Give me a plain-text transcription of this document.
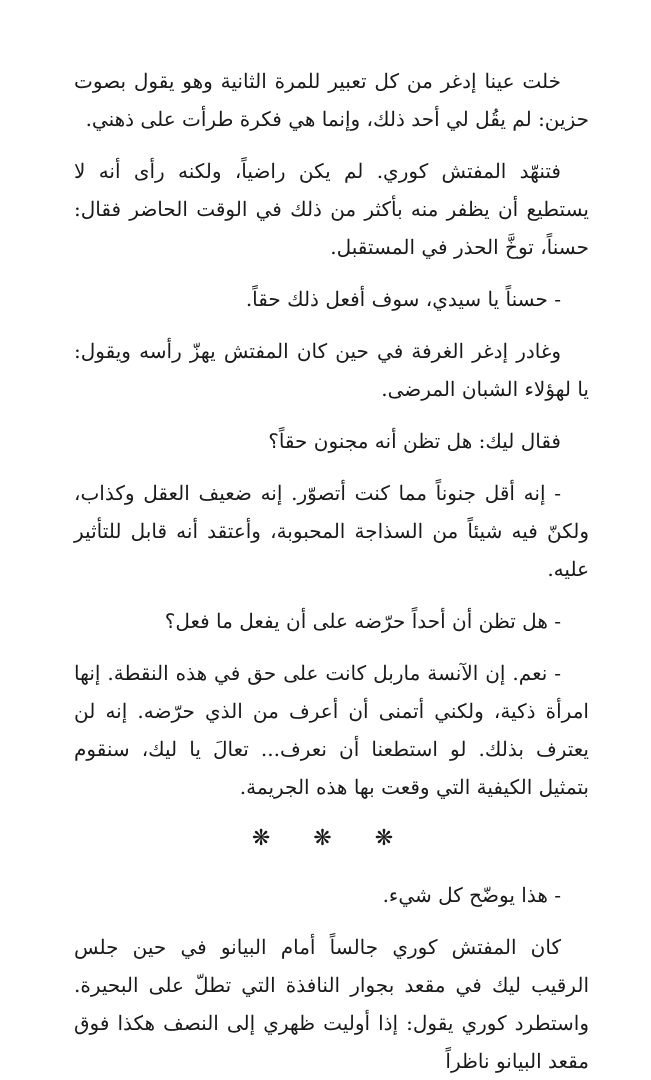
خلت عينا إدغر من كل تعبير للمرة الثانية وهو يقول بصوت حزين: لم يقُل لي أحد ذلك، وإنما هي فكرة طرأت على ذهني.

فتنهّد المفتش كوري. لم يكن راضياً، ولكنه رأى أنه لا يستطيع أن يظفر منه بأكثر من ذلك في الوقت الحاضر فقال: حسناً، توخَّ الحذر في المستقبل.

- حسناً يا سيدي، سوف أفعل ذلك حقاً.

وغادر إدغر الغرفة في حين كان المفتش يهزّ رأسه ويقول: يا لهؤلاء الشبان المرضى.

فقال ليك: هل تظن أنه مجنون حقاً؟

- إنه أقل جنوناً مما كنت أتصوّر. إنه ضعيف العقل وكذاب، ولكنّ فيه شيئاً من السذاجة المحبوبة، وأعتقد أنه قابل للتأثير عليه.

- هل تظن أن أحداً حرّضه على أن يفعل ما فعل؟

- نعم. إن الآنسة ماربل كانت على حق في هذه النقطة. إنها امرأة ذكية، ولكني أتمنى أن أعرف من الذي حرّضه. إنه لن يعترف بذلك. لو استطعنا أن نعرف... تعالَ يا ليك، سنقوم بتمثيل الكيفية التي وقعت بها هذه الجريمة.

❋ ❋ ❋

- هذا يوضّح كل شيء.

كان المفتش كوري جالساً أمام البيانو في حين جلس الرقيب ليك في مقعد بجوار النافذة التي تطلّ على البحيرة. واستطرد كوري يقول: إذا أوليت ظهري إلى النصف هكذا فوق مقعد البيانو ناظراً
